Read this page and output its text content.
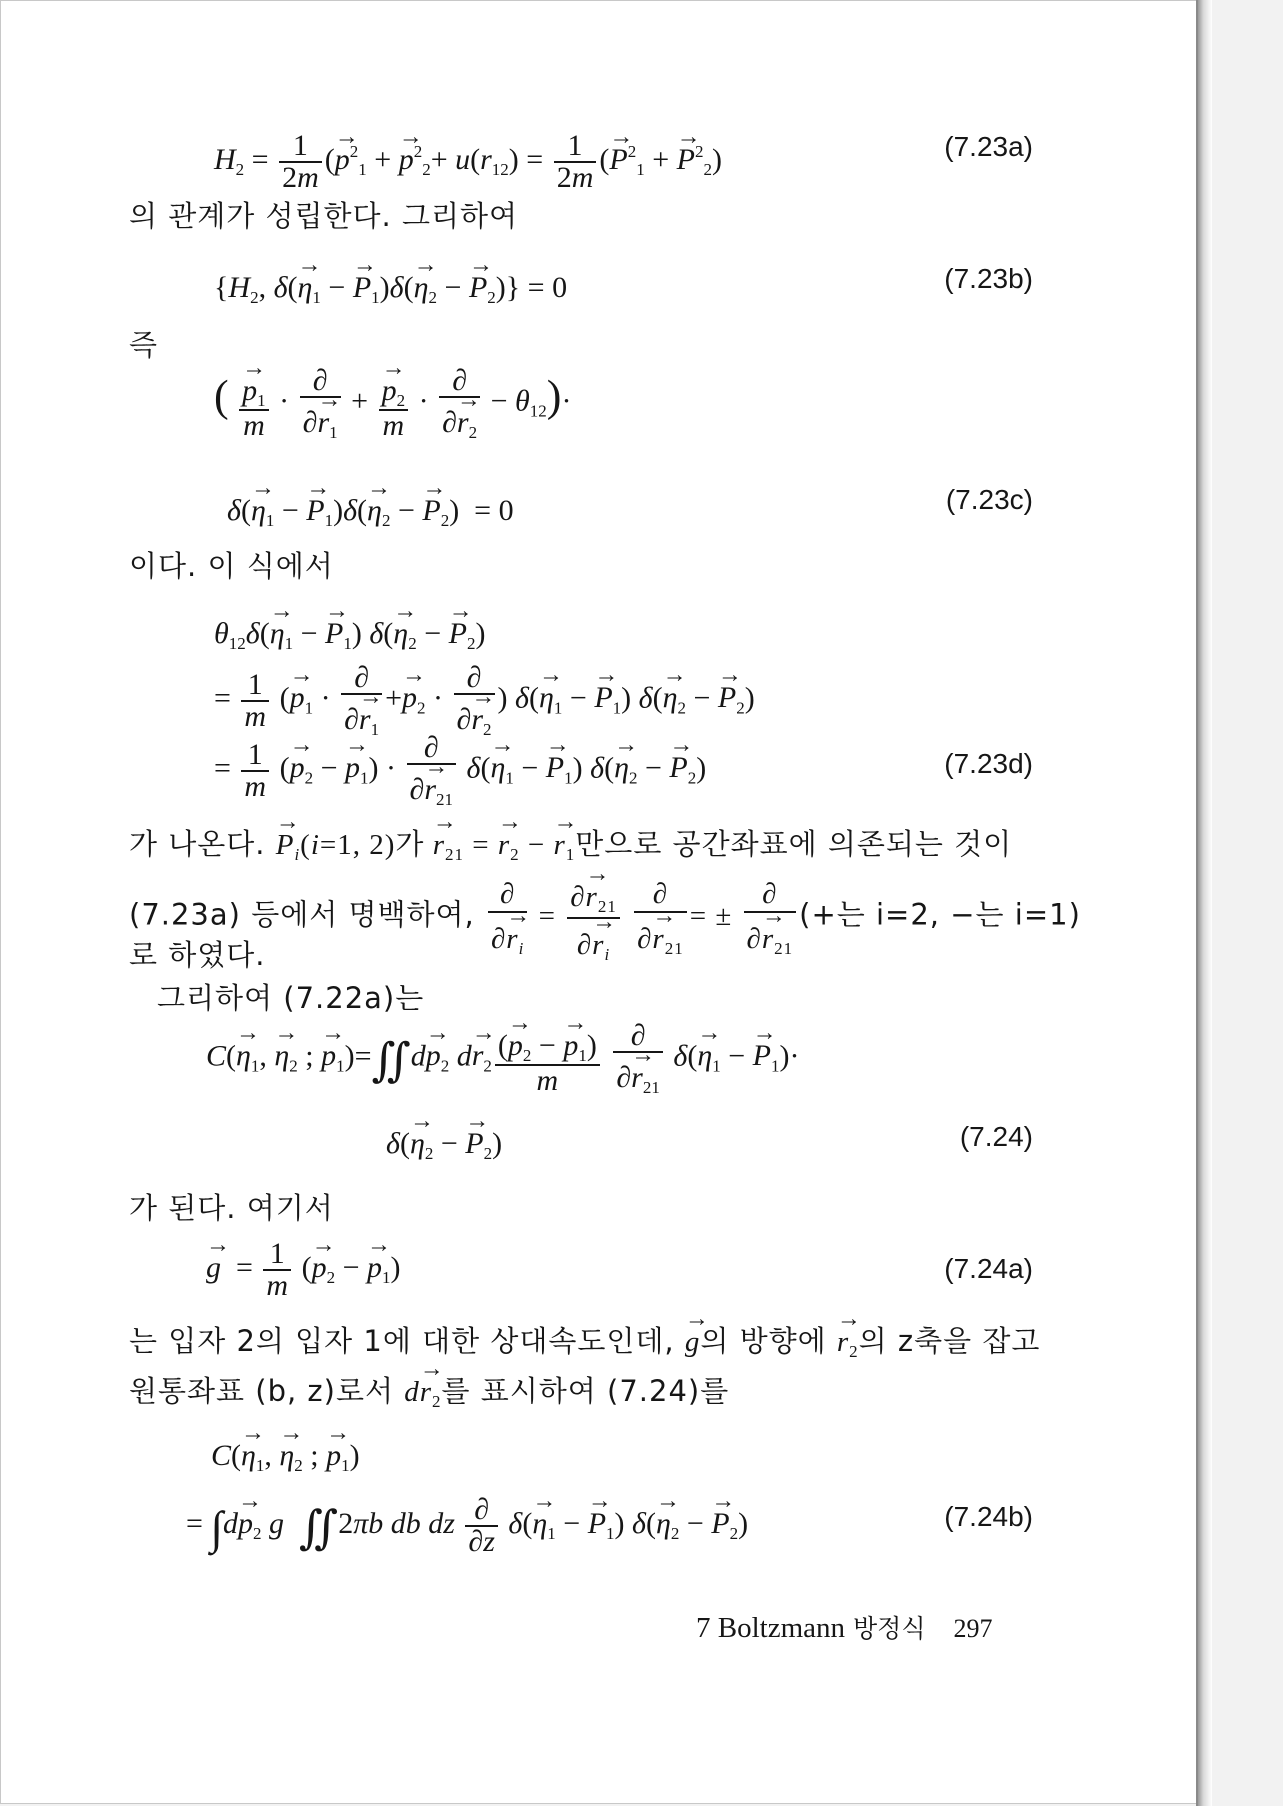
$H_2 = \frac{1}{2m}$ (→ $p^2_1$ + → $p^2_2+ u(r_{12}) = \frac{1}{2m}$ (→ $P^2_1$ + → $P^2_2$)	(7.23a)
의 관계가 성립한다. 그리하여
{$H_2$, $\delta(\to \eta_1$ − → $P_1)\delta(\to \eta_2$ − → $P_2)\} = 0$	(7.23b)
즉
( → $\frac{p_1}{m} \cdot \frac{\partial}{\partial\to r_1}$ + → $\frac{p_2}{m} \cdot \frac{\partial}{\partial\to r_2} - \theta_{12})\cdot$
$\delta(\to \eta_1$ − → $P_1)\delta(\to \eta_2$ − → $P_2) = 0$	(7.23c)
이다. 이 식에서
$\theta_{12}\delta(\to \eta_1$ − → $P_1$) $\delta(\to \eta_2$ − → $P_2$)
= $\frac{1}{m}$ (→ $p_1 \cdot \frac{\partial}{\partial\to r_1} +\to p_2 \cdot \frac{\partial}{\partial\to r_2}$ ) $\delta(\to \eta_1$ − → $P_1$) $\delta(\to \eta_2$ − → $P_2$)
= $\frac{1}{m}$ (→ $p_2$ − → $p_1) \cdot \frac{\partial}{\partial\to r_{21}} \delta(\to \eta_1$ − → $P_1$) $\delta(\to \eta_2$ − → $P_2$)	(7.23d)
가 나온다. → $P_i(i=1$, 2)가 → $r_{21}$ = → $r_2$ − → $r_1$만으로 공간좌표에 의존되는 것이
(7.23a) 등에서 명백하여, $\frac{\partial}{\partial\to r_i} = \frac{\partial\to r_{21}}{\partial\to r_i}$
$\frac{\partial}{\partial\to r_{21}}$ = ± $\frac{\partial}{\partial\to r_{21}}$ (+는 i=2, −는 i=1)
로 하였다.
그리하여 (7.22a)는
$C(\to \eta_1$, → $\eta_2$ ; → $p_1)=∬d\to p_2$ $d\to r_2 \frac{(\to p_2 - \to p_1)}{m}$
$\frac{\partial}{\partial\to r_{21}} \delta(\to \eta_1$ − → $P_1)\cdot$
$\delta(\to \eta_2$ − → $P_2$)	(7.24)
가 된다. 여기서
→ $g = \frac{1}{m}$ (→ $p_2$ − → $p_1$)	(7.24a)
는 입자 2의 입자 1에 대한 상대속도인데, → g의 방향에 → $r_2$의 z축을 잡고
원통좌표 (b, z)로서 $d\to r_2$를 표시하여 (7.24)를
$C(\to \eta_1$, → $\eta_2$ ; → $p_1$)
= $\int d\to p_2$ g ∬2πb db dz $\frac{\partial}{\partial z} \delta(\to \eta_1$ − → $P_1$) $\delta(\to \eta_2$ − → $P_2$)	(7.24b)
7 Boltzmann 방정식 297
